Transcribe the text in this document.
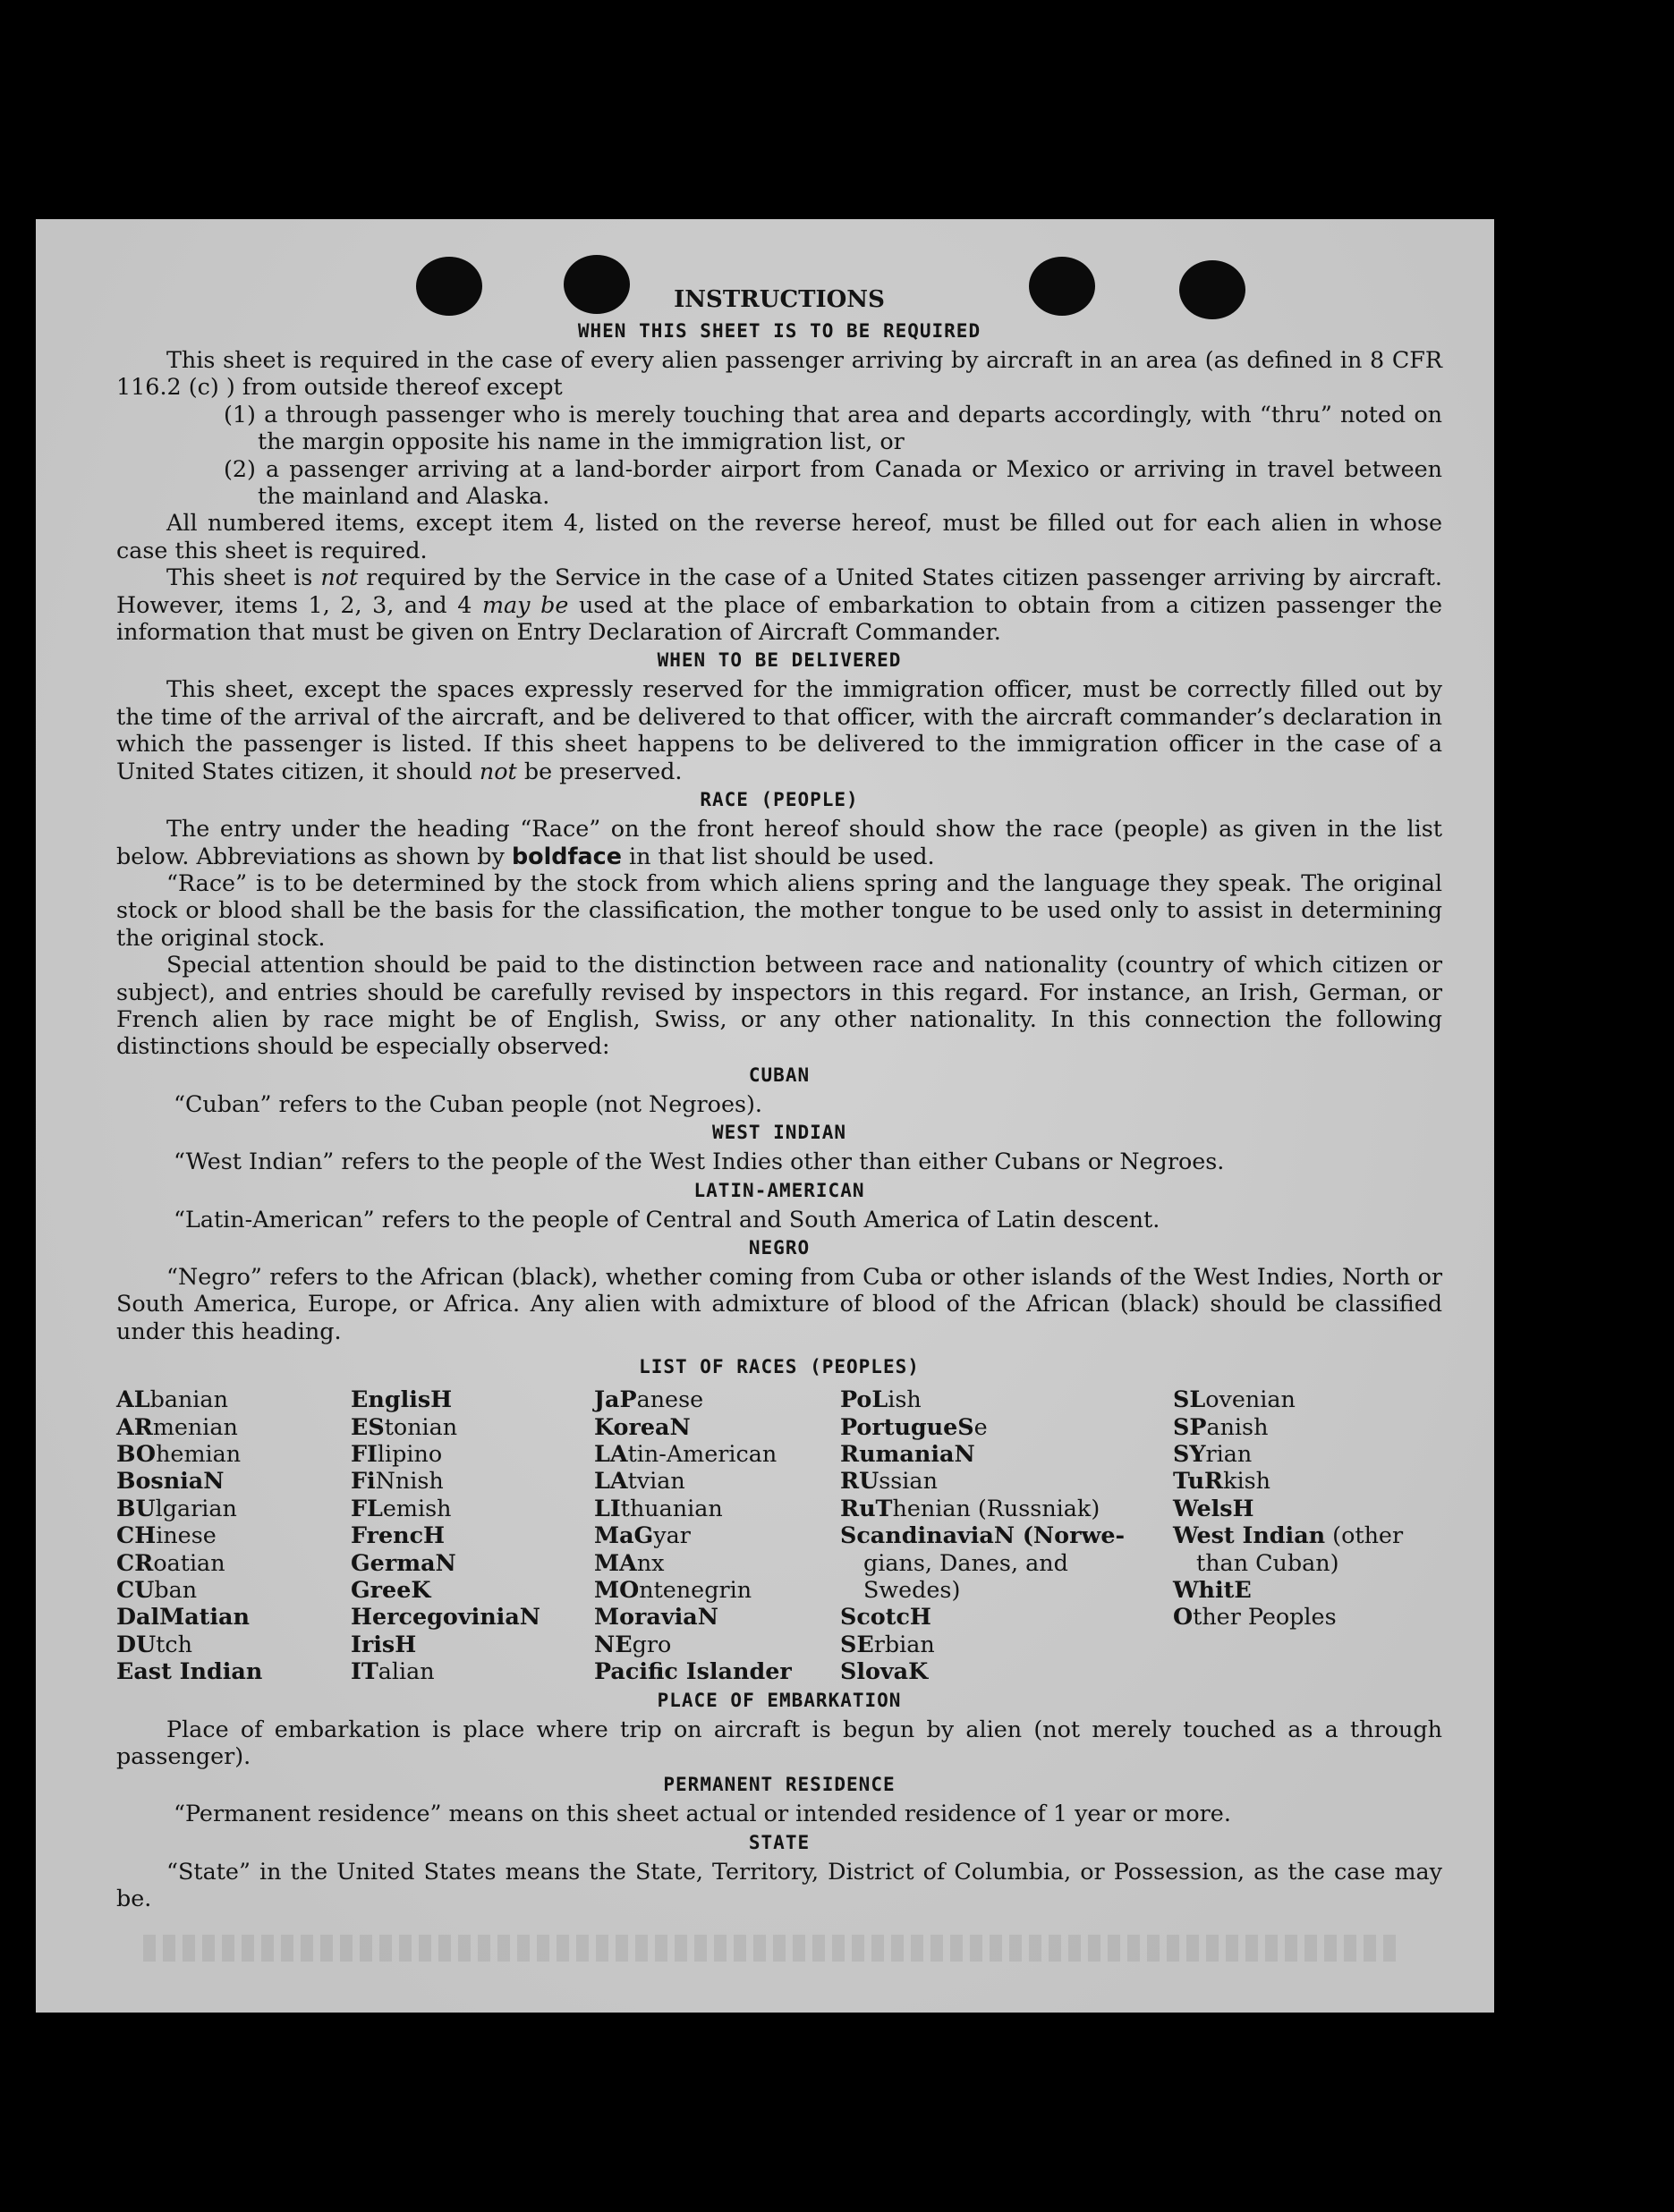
INSTRUCTIONS
WHEN THIS SHEET IS TO BE REQUIRED

This sheet is required in the case of every alien passenger arriving by aircraft in an area (as defined in 8 CFR 116.2 (c) ) from outside thereof except

(1) a through passenger who is merely touching that area and departs accordingly, with “thru” noted on the margin opposite his name in the immigration list, or
(2) a passenger arriving at a land-border airport from Canada or Mexico or arriving in travel between the mainland and Alaska.

All numbered items, except item 4, listed on the reverse hereof, must be filled out for each alien in whose case this sheet is required.

This sheet is not required by the Service in the case of a United States citizen passenger arriving by aircraft. However, items 1, 2, 3, and 4 may be used at the place of embarkation to obtain from a citizen passenger the information that must be given on Entry Declaration of Aircraft Commander.

WHEN TO BE DELIVERED

This sheet, except the spaces expressly reserved for the immigration officer, must be correctly filled out by the time of the arrival of the aircraft, and be delivered to that officer, with the aircraft commander’s declaration in which the passenger is listed. If this sheet happens to be delivered to the immigration officer in the case of a United States citizen, it should not be preserved.

RACE (PEOPLE)

The entry under the heading “Race” on the front hereof should show the race (people) as given in the list below. Abbreviations as shown by boldface in that list should be used.

“Race” is to be determined by the stock from which aliens spring and the language they speak. The original stock or blood shall be the basis for the classification, the mother tongue to be used only to assist in determining the original stock.

Special attention should be paid to the distinction between race and nationality (country of which citizen or subject), and entries should be carefully revised by inspectors in this regard. For instance, an Irish, German, or French alien by race might be of English, Swiss, or any other nationality. In this connection the following distinctions should be especially observed:

CUBAN
“Cuban” refers to the Cuban people (not Negroes).
WEST INDIAN
“West Indian” refers to the people of the West Indies other than either Cubans or Negroes.
LATIN-AMERICAN
“Latin-American” refers to the people of Central and South America of Latin descent.
NEGRO

“Negro” refers to the African (black), whether coming from Cuba or other islands of the West Indies, North or South America, Europe, or Africa. Any alien with admixture of blood of the African (black) should be classified under this heading.

LIST OF RACES (PEOPLES)
ALbanian
ARmenian
BOhemian
BosniaN
BUlgarian
CHinese
CRoatian
CUban
DalMatian
DUtch
East Indian
EnglisH
EStonian
FIlipino
FiNnish
FLemish
FrencH
GermaN
GreeK
HercegoviniaN
IrisH
ITalian
JaPanese
KoreaN
LAtin-American
LAtvian
LIthuanian
MaGyar
MAnx
MOntenegrin
MoraviaN
NEgro
Pacific Islander
PoLish
PortugueSe
RumaniaN
RUssian
RuThenian (Russniak)
ScandinaviaN (Norwe-
gians, Danes, and
Swedes)
ScotcH
SErbian
SlovaK
SLovenian
SPanish
SYrian
TuRkish
WelsH
West Indian (other
than Cuban)
WhitE
Other Peoples
PLACE OF EMBARKATION

Place of embarkation is place where trip on aircraft is begun by alien (not merely touched as a through passenger).

PERMANENT RESIDENCE
“Permanent residence” means on this sheet actual or intended residence of 1 year or more.
STATE

“State” in the United States means the State, Territory, District of Columbia, or Possession, as the case may be.
